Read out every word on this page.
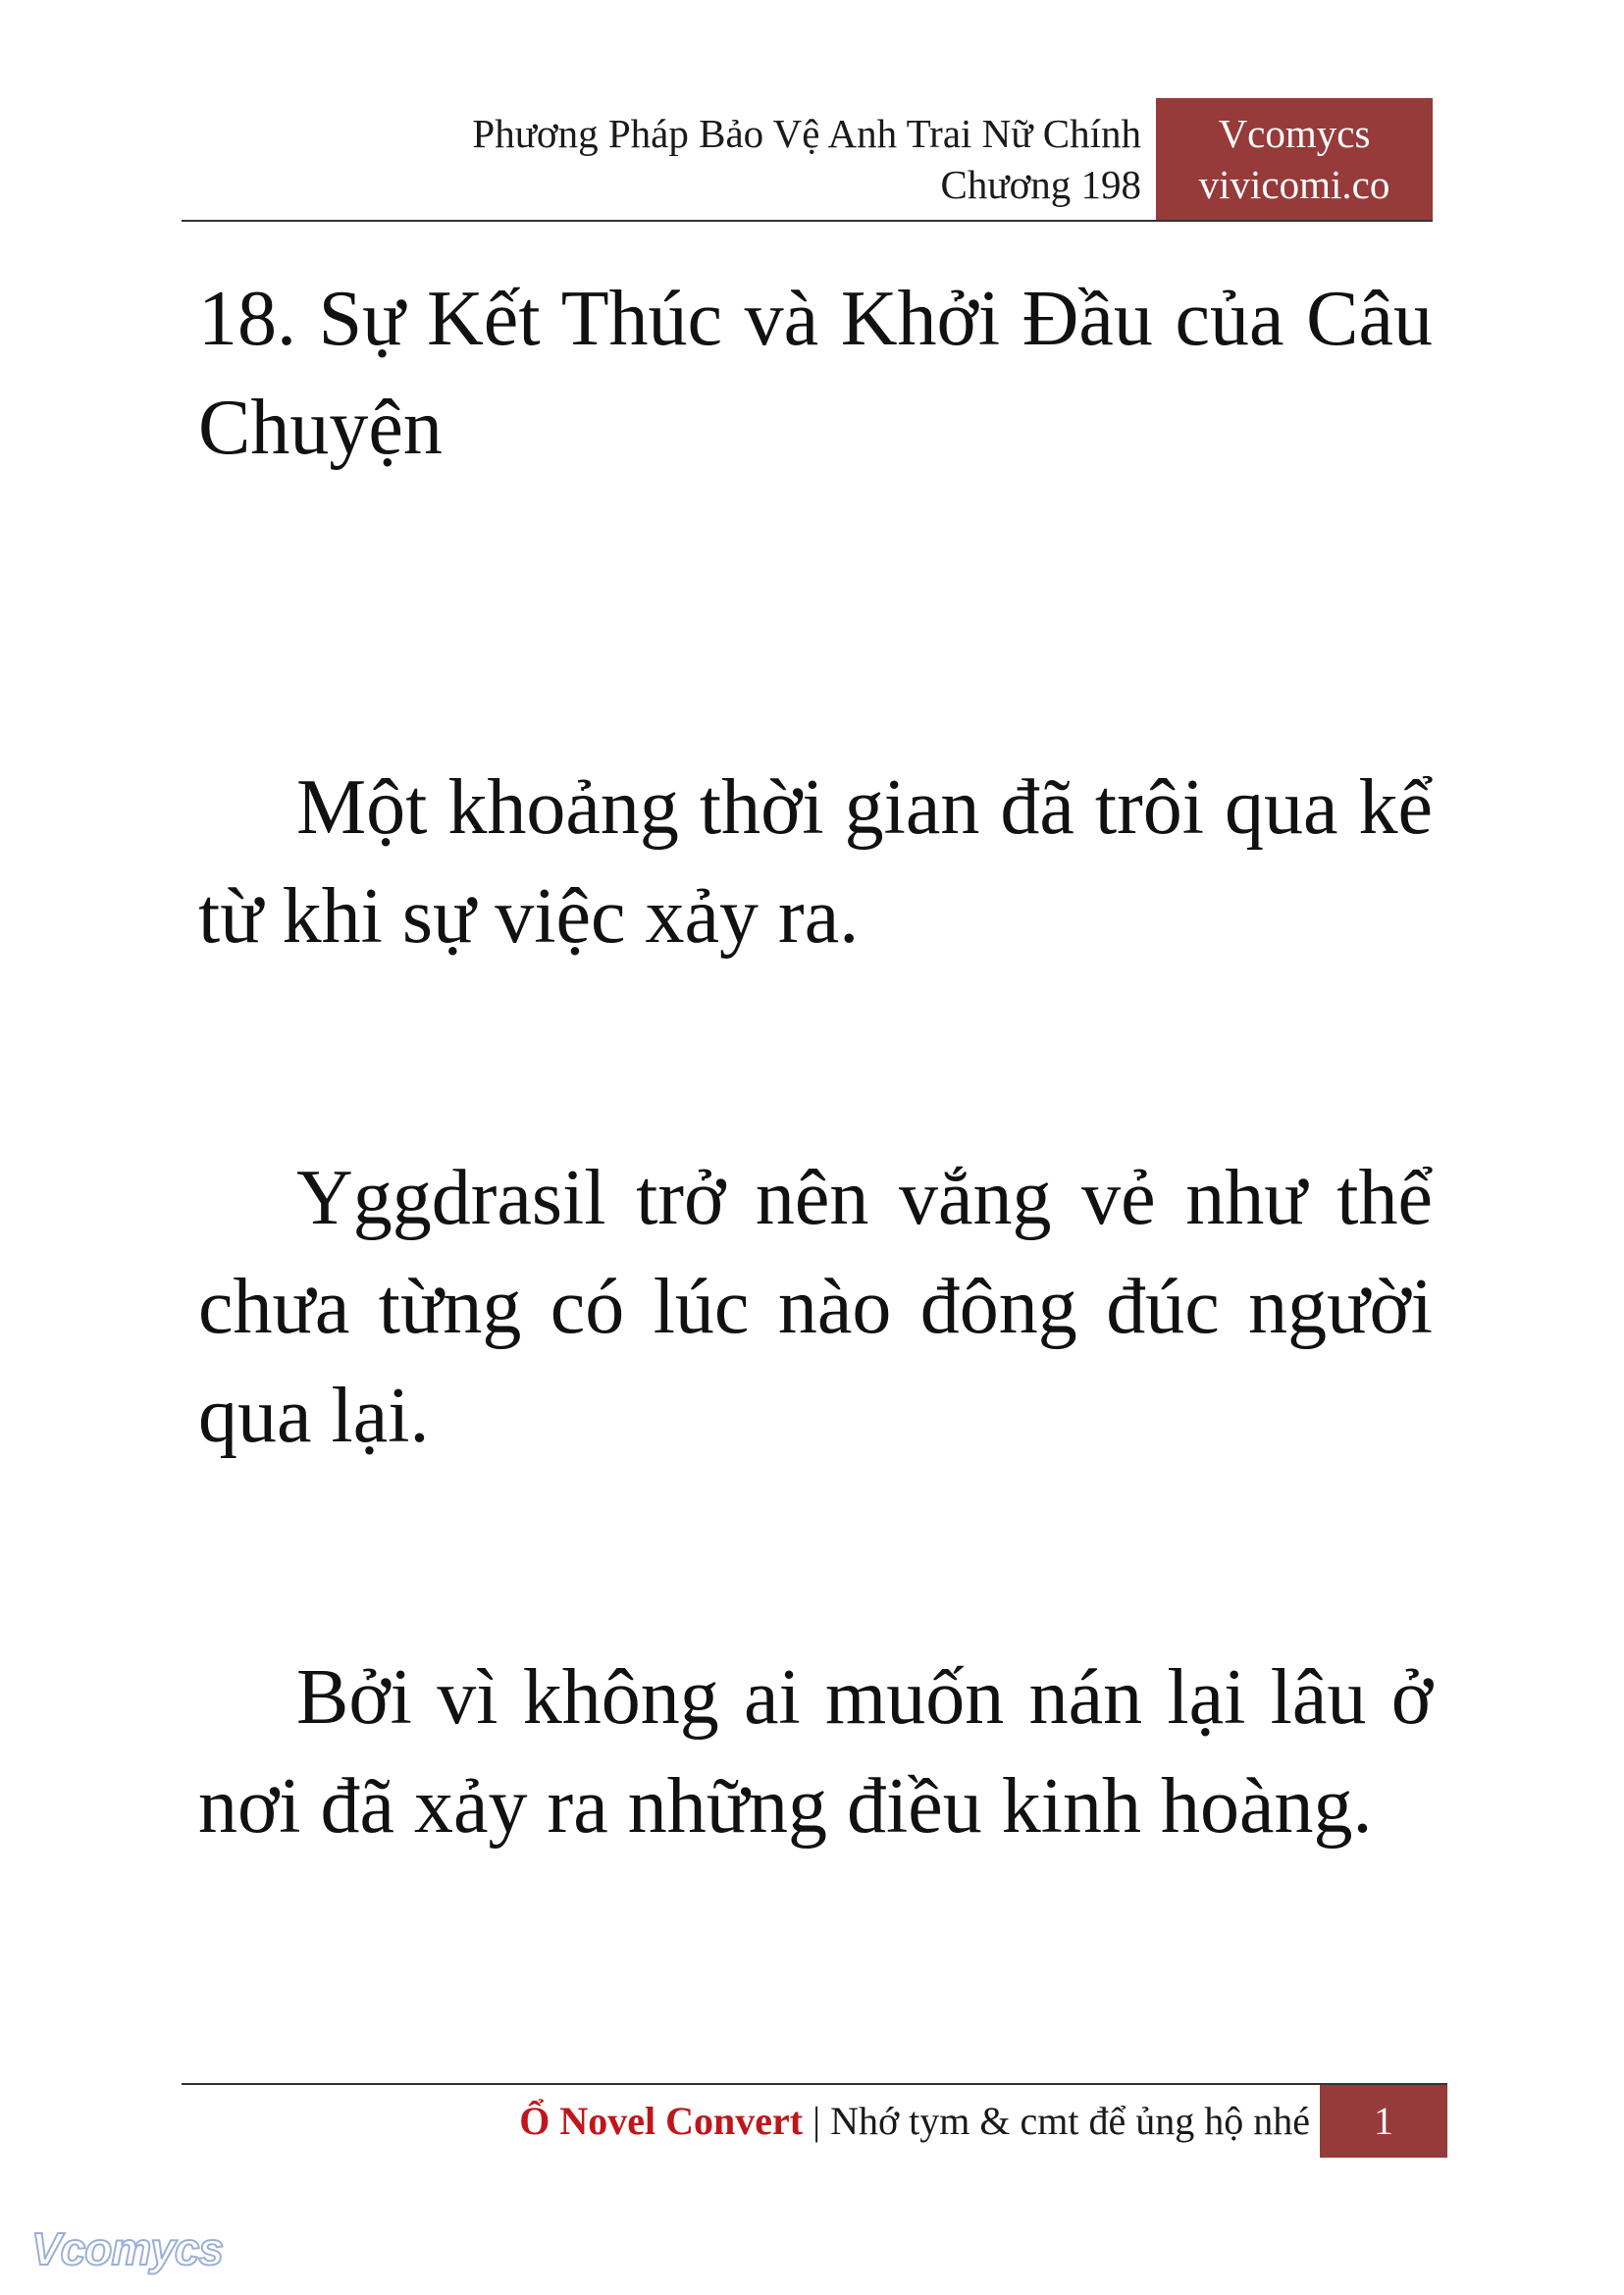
Phương Pháp Bảo Vệ Anh Trai Nữ Chính
Chương 198
Vcomycs
vivicomi.co
18. Sự Kết Thúc và Khởi Đầu của Câu Chuyện

Một khoảng thời gian đã trôi qua kể từ khi sự việc xảy ra.

Yggdrasil trở nên vắng vẻ như thể chưa từng có lúc nào đông đúc người qua lại.

Bởi vì không ai muốn nán lại lâu ở nơi đã xảy ra những điều kinh hoàng.

Ổ Novel Convert | Nhớ tym & cmt để ủng hộ nhé	1
Vcomycs
